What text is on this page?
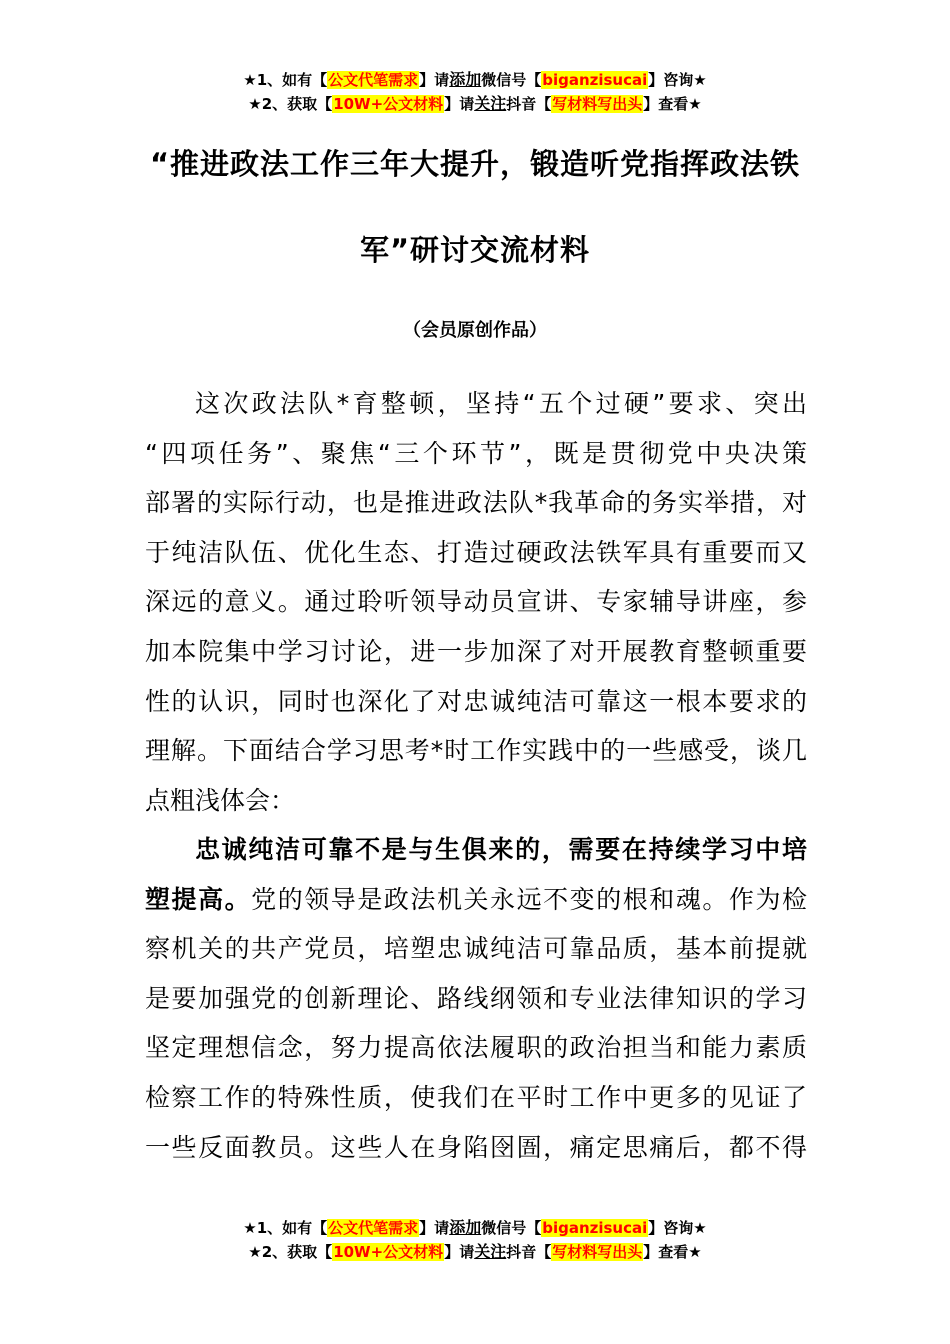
★1、如有【公文代笔需求】请添加微信号【biganzisucai】咨询★
★2、获取【10W+公文材料】请关注抖音【写材料写出头】查看★
“推进政法工作三年大提升，锻造听党指挥政法铁
军”研讨交流材料
（会员原创作品）
这次政法队*育整顿，坚持“五个过硬”要求、突出
“四项任务”、聚焦“三个环节”，既是贯彻党中央决策
部署的实际行动，也是推进政法队*我革命的务实举措，对
于纯洁队伍、优化生态、打造过硬政法铁军具有重要而又
深远的意义。通过聆听领导动员宣讲、专家辅导讲座，参
加本院集中学习讨论，进一步加深了对开展教育整顿重要
性的认识，同时也深化了对忠诚纯洁可靠这一根本要求的
理解。下面结合学习思考*时工作实践中的一些感受，谈几
点粗浅体会：
忠诚纯洁可靠不是与生俱来的，需要在持续学习中培
塑提高。党的领导是政法机关永远不变的根和魂。作为检
察机关的共产党员，培塑忠诚纯洁可靠品质，基本前提就
是要加强党的创新理论、路线纲领和专业法律知识的学习
坚定理想信念，努力提高依法履职的政治担当和能力素质
检察工作的特殊性质，使我们在平时工作中更多的见证了
一些反面教员。这些人在身陷囹圄，痛定思痛后，都不得
★1、如有【公文代笔需求】请添加微信号【biganzisucai】咨询★
★2、获取【10W+公文材料】请关注抖音【写材料写出头】查看★
